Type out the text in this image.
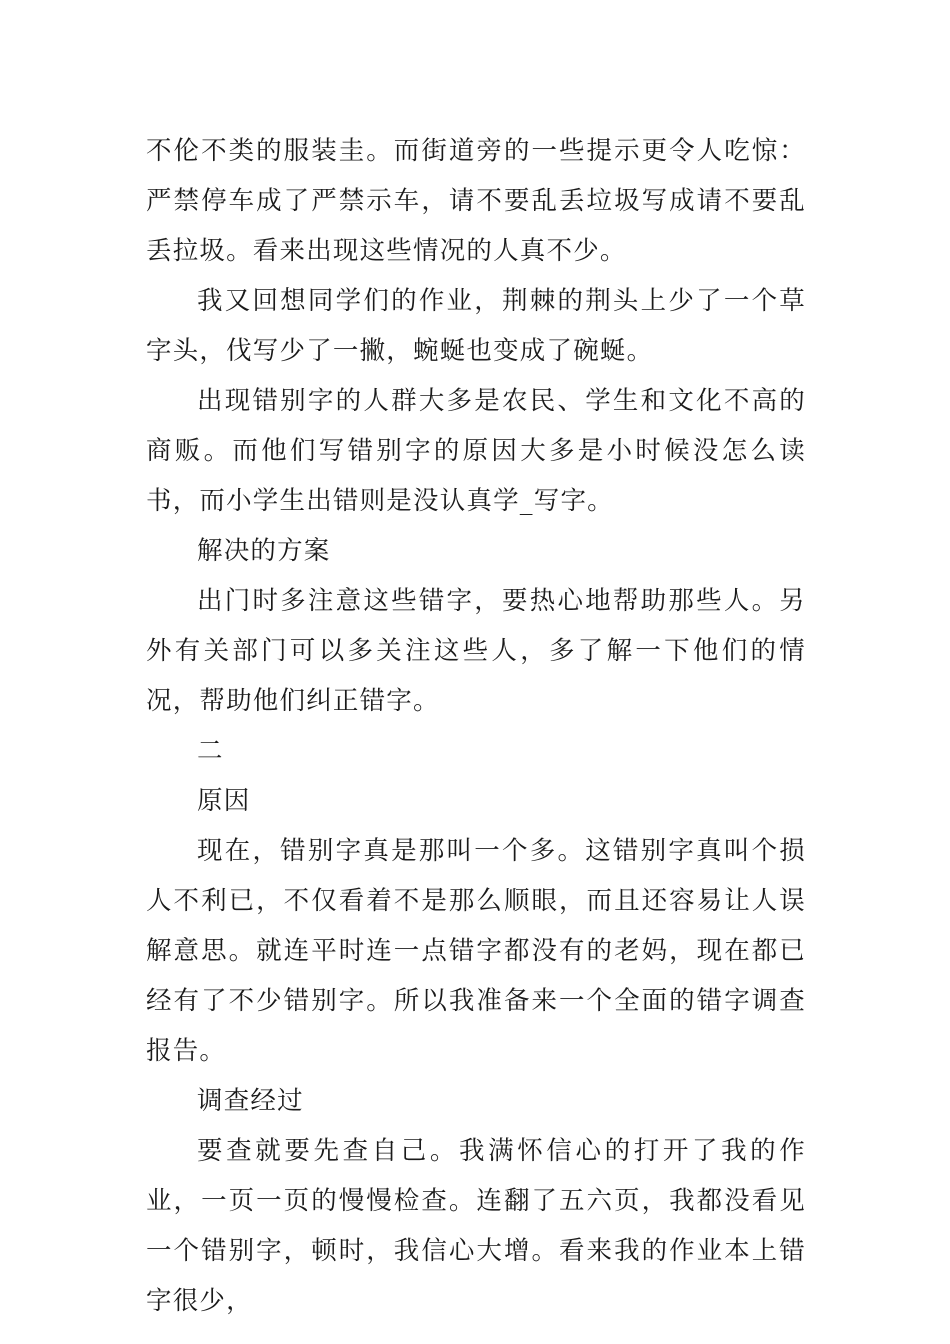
不伦不类的服装圭。而街道旁的一些提示更令人吃惊：严禁停车成了严禁示车，请不要乱丢垃圾写成请不要乱丢拉圾。看来出现这些情况的人真不少。

我又回想同学们的作业，荆棘的荆头上少了一个草字头，伐写少了一撇，蜿蜒也变成了碗蜒。

出现错别字的人群大多是农民、学生和文化不高的商贩。而他们写错别字的原因大多是小时候没怎么读书，而小学生出错则是没认真学_写字。

解决的方案

出门时多注意这些错字，要热心地帮助那些人。另外有关部门可以多关注这些人，多了解一下他们的情况，帮助他们纠正错字。

二

原因

现在，错别字真是那叫一个多。这错别字真叫个损人不利已，不仅看着不是那么顺眼，而且还容易让人误解意思。就连平时连一点错字都没有的老妈，现在都已经有了不少错别字。所以我准备来一个全面的错字调查报告。

调查经过

要查就要先查自己。我满怀信心的打开了我的作业，一页一页的慢慢检查。连翻了五六页，我都没看见一个错别字，顿时，我信心大增。看来我的作业本上错字很少，
